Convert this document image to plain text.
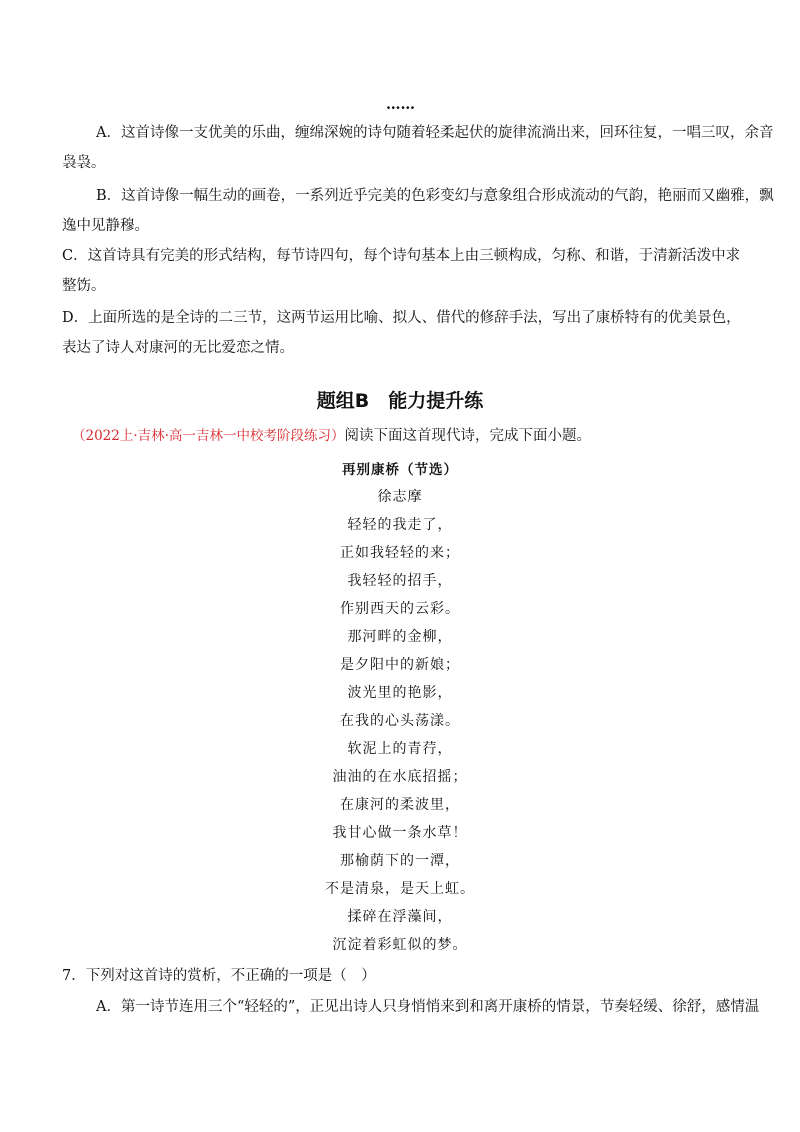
……
A．这首诗像一支优美的乐曲，缠绵深婉的诗句随着轻柔起伏的旋律流淌出来，回环往复，一唱三叹，余音
袅袅。
B．这首诗像一幅生动的画卷，一系列近乎完美的色彩变幻与意象组合形成流动的气韵，艳丽而又幽雅，飘
逸中见静穆。
C．这首诗具有完美的形式结构，每节诗四句，每个诗句基本上由三顿构成，匀称、和谐，于清新活泼中求
整饬。
D．上面所选的是全诗的二三节，这两节运用比喻、拟人、借代的修辞手法，写出了康桥特有的优美景色，
表达了诗人对康河的无比爱恋之情。
题组B　能力提升练
（2022上·吉林·高一吉林一中校考阶段练习）阅读下面这首现代诗，完成下面小题。
再别康桥（节选）
徐志摩
轻轻的我走了，
正如我轻轻的来；
我轻轻的招手，
作别西天的云彩。
那河畔的金柳，
是夕阳中的新娘；
波光里的艳影，
在我的心头荡漾。
软泥上的青荇，
油油的在水底招摇；
在康河的柔波里，
我甘心做一条水草！
那榆荫下的一潭，
不是清泉，是天上虹。
揉碎在浮藻间，
沉淀着彩虹似的梦。
7．下列对这首诗的赏析，不正确的一项是（　）
A．第一诗节连用三个“轻轻的”，正见出诗人只身悄悄来到和离开康桥的情景，节奏轻缓、徐舒，感情温
